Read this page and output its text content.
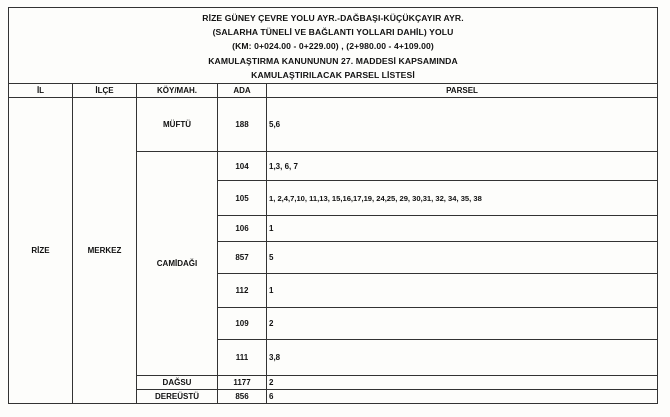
RİZE GÜNEY ÇEVRE YOLU AYR.-DAĞBAŞI-KÜÇÜKÇAYIR AYR.
(SALARHA TÜNELİ VE BAĞLANTI YOLLARI DAHİL) YOLU
(KM: 0+024.00 - 0+229.00) , (2+980.00 - 4+109.00)
KAMULAŞTIRMA KANUNUNUN 27. MADDESİ KAPSAMINDA
KAMULAŞTIRILACAK PARSEL LİSTESİ
İL	İLÇE	KÖY/MAH.	ADA	PARSEL
RİZE	MERKEZ	MÜFTÜ	188	5,6
		CAMİDAĞI	104	1,3, 6, 7
			105	1, 2,4,7,10, 11,13, 15,16,17,19, 24,25, 29, 30,31, 32, 34, 35, 38
			106	1
			857	5
			112	1
			109	2
			111	3,8
		DAĞSU	1177	2
		DEREÜSTÜ	856	6
